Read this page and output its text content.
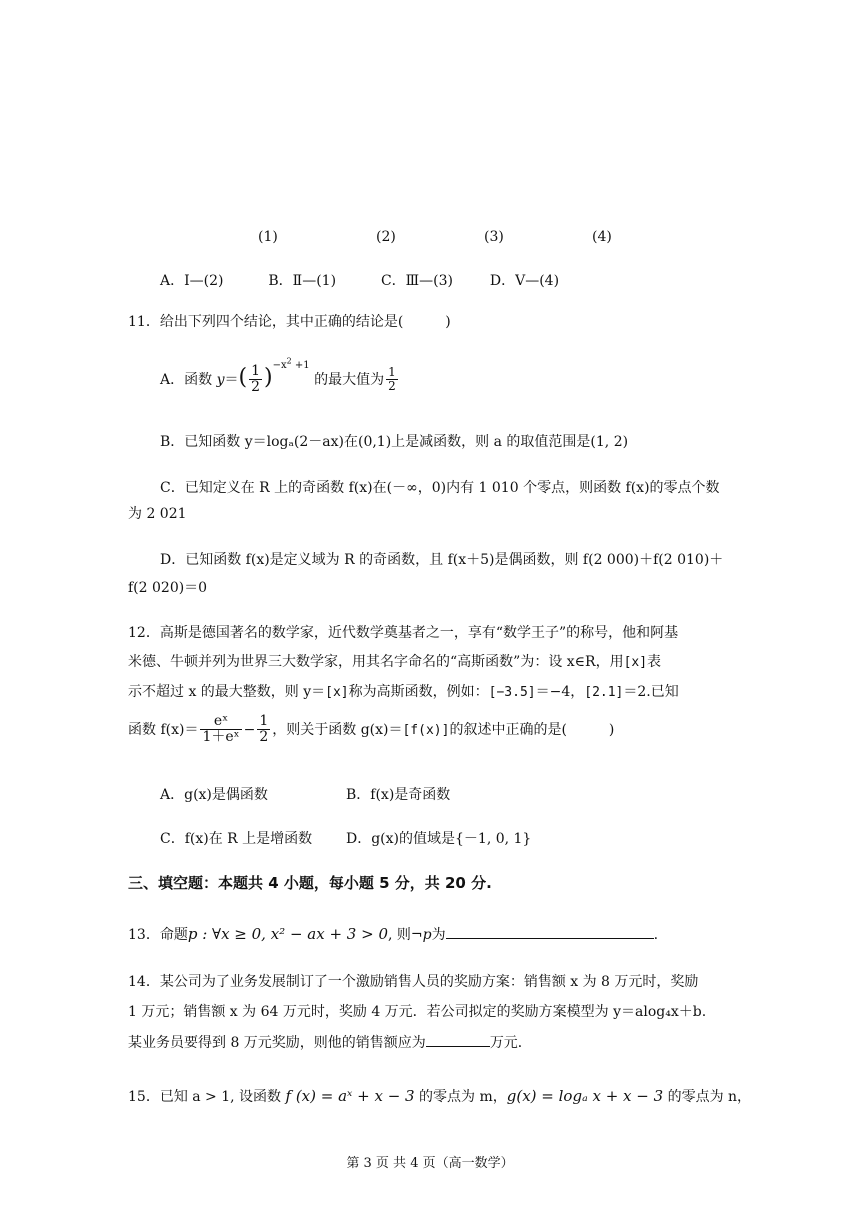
(1)	(2)	(3)	(4)
A．Ⅰ—(2)	B．Ⅱ—(1)	C．Ⅲ—(3)	D．Ⅴ—(4)
11．给出下列四个结论，其中正确的结论是(　　　)
A．函数 $y=( \frac{1}{2} )^{-x^2 +1}$ 的最大值为 $\frac{1}{2}$
B．已知函数 y＝logₐ(2－ax)在(0,1)上是减函数，则 a 的取值范围是(1, 2)
C．已知定义在 R 上的奇函数 f(x)在(－∞，0)内有 1 010 个零点，则函数 f(x)的零点个数
为 2 021
D．已知函数 f(x)是定义域为 R 的奇函数，且 f(x＋5)是偶函数，则 f(2 000)＋f(2 010)＋
f(2 020)＝0
12．高斯是德国著名的数学家，近代数学奠基者之一，享有“数学王子”的称号，他和阿基
米德、牛顿并列为世界三大数学家，用其名字命名的“高斯函数”为：设 x∈R，用[x]表
示不超过 x 的最大整数，则 y＝[x]称为高斯函数，例如：[−3.5]＝−4，[2.1]＝2.已知
函数 $f(x)= \frac{\text{eˣ}}{\text{1＋eˣ}} - \frac{1}{2}$ ，则关于函数 g(x)＝[f(x)]的叙述中正确的是(　　　)
A．g(x)是偶函数	B．f(x)是奇函数
C．f(x)在 R 上是增函数 D．g(x)的值域是{－1, 0, 1}
三、填空题：本题共 4 小题，每小题 5 分，共 20 分.
13．命题p : ∀x ≥ 0, x² − ax + 3 > 0, 则¬p为	.
14．某公司为了业务发展制订了一个激励销售人员的奖励方案：销售额 x 为 8 万元时，奖励
1 万元；销售额 x 为 64 万元时，奖励 4 万元．若公司拟定的奖励方案模型为 y＝alog₄x＋b.
某业务员要得到 8 万元奖励，则他的销售额应为	万元．
15．已知 a > 1, 设函数 f (x) = aˣ + x − 3 的零点为 m，g(x) = logₐ x + x − 3 的零点为 n，
第 3 页 共 4 页（高一数学）
